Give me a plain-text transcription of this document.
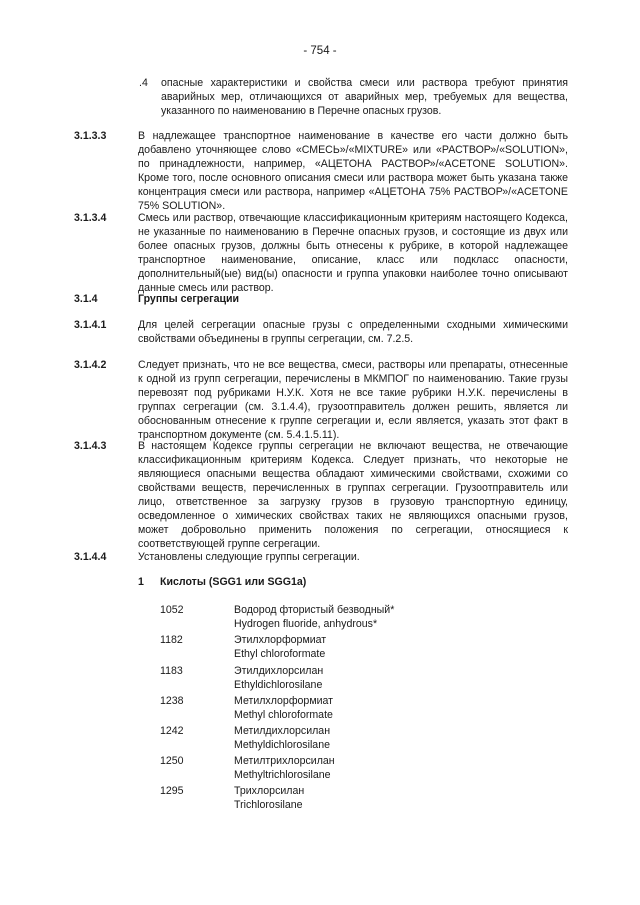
- 754 -
.4 опасные характеристики и свойства смеси или раствора требуют принятия аварийных мер, отличающихся от аварийных мер, требуемых для вещества, указанного по наименованию в Перечне опасных грузов.
3.1.3.3	В надлежащее транспортное наименование в качестве его части должно быть добавлено уточняющее слово «СМЕСЬ»/«MIXTURE» или «РАСТВОР»/«SOLUTION», по принадлежности, например, «АЦЕТОНА РАСТВОР»/«ACETONE SOLUTION». Кроме того, после основного описания смеси или раствора может быть указана также концентрация смеси или раствора, например «АЦЕТОНА 75% РАСТВОР»/«ACETONE 75% SOLUTION».
3.1.3.4	Смесь или раствор, отвечающие классификационным критериям настоящего Кодекса, не указанные по наименованию в Перечне опасных грузов, и состоящие из двух или более опасных грузов, должны быть отнесены к рубрике, в которой надлежащее транспортное наименование, описание, класс или подкласс опасности, дополнительный(ые) вид(ы) опасности и группа упаковки наиболее точно описывают данные смесь или раствор.
3.1.4	Группы сегрегации
3.1.4.1	Для целей сегрегации опасные грузы с определенными сходными химическими свойствами объединены в группы сегрегации, см. 7.2.5.
3.1.4.2	Следует признать, что не все вещества, смеси, растворы или препараты, отнесенные к одной из групп сегрегации, перечислены в МКМПОГ по наименованию. Такие грузы перевозят под рубриками Н.У.К. Хотя не все такие рубрики Н.У.К. перечислены в группах сегрегации (см. 3.1.4.4), грузоотправитель должен решить, является ли обоснованным отнесение к группе сегрегации и, если является, указать этот факт в транспортном документе (см. 5.4.1.5.11).
3.1.4.3	В настоящем Кодексе группы сегрегации не включают вещества, не отвечающие классификационным критериям Кодекса. Следует признать, что некоторые не являющиеся опасными вещества обладают химическими свойствами, схожими со свойствами веществ, перечисленных в группах сегрегации. Грузоотправитель или лицо, ответственное за загрузку грузов в грузовую транспортную единицу, осведомленное о химических свойствах таких не являющихся опасными грузов, может добровольно применить положения по сегрегации, относящиеся к соответствующей группе сегрегации.
3.1.4.4	Установлены следующие группы сегрегации.
1 Кислоты (SGG1 или SGG1a)
1052	Водород фтористый безводный*
Hydrogen fluoride, anhydrous*
1182	Этилхлорформиат
Ethyl chloroformate
1183	Этилдихлорсилан
Ethyldichlorosilane
1238	Метилхлорформиат
Methyl chloroformate
1242	Метилдихлорсилан
Methyldichlorosilane
1250	Метилтрихлорсилан
Methyltrichlorosilane
1295	Трихлорсилан
Trichlorosilane
